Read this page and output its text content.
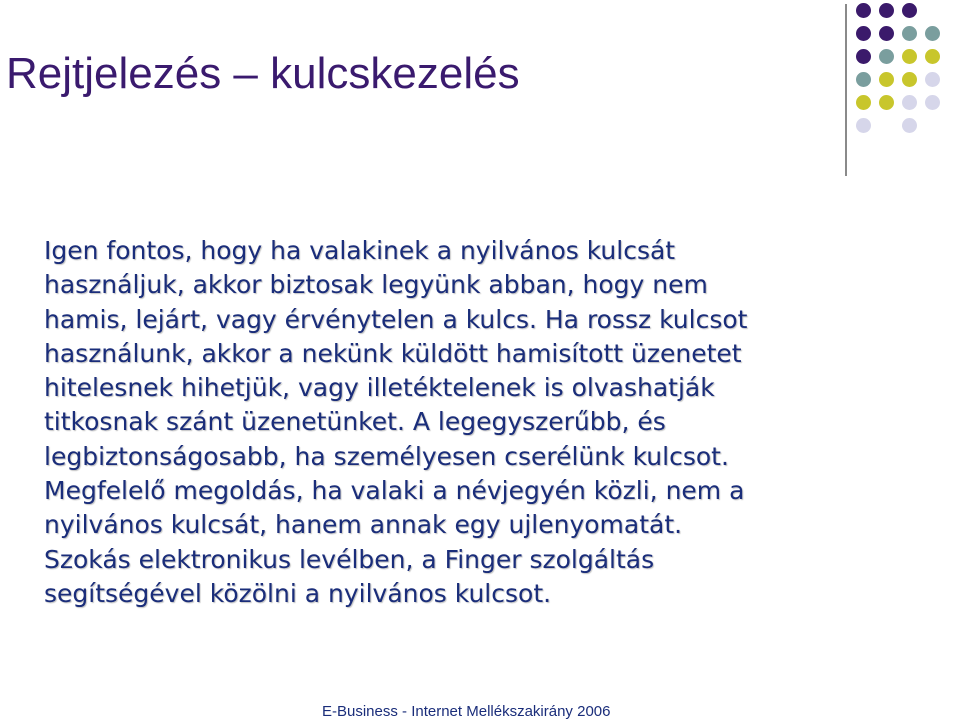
Rejtjelezés – kulcskezelés
Igen fontos, hogy ha valakinek a nyilvános kulcsát
használjuk, akkor biztosak legyünk abban, hogy nem
hamis, lejárt, vagy érvénytelen a kulcs. Ha rossz kulcsot
használunk, akkor a nekünk küldött hamisított üzenetet
hitelesnek hihetjük, vagy illetéktelenek is olvashatják
titkosnak szánt üzenetünket. A legegyszerűbb, és
legbiztonságosabb, ha személyesen cserélünk kulcsot.
Megfelelő megoldás, ha valaki a névjegyén közli, nem a
nyilvános kulcsát, hanem annak egy ujlenyomatát.
Szokás elektronikus levélben, a Finger szolgáltás
segítségével közölni a nyilvános kulcsot.
E-Business - Internet Mellékszakirány 2006
